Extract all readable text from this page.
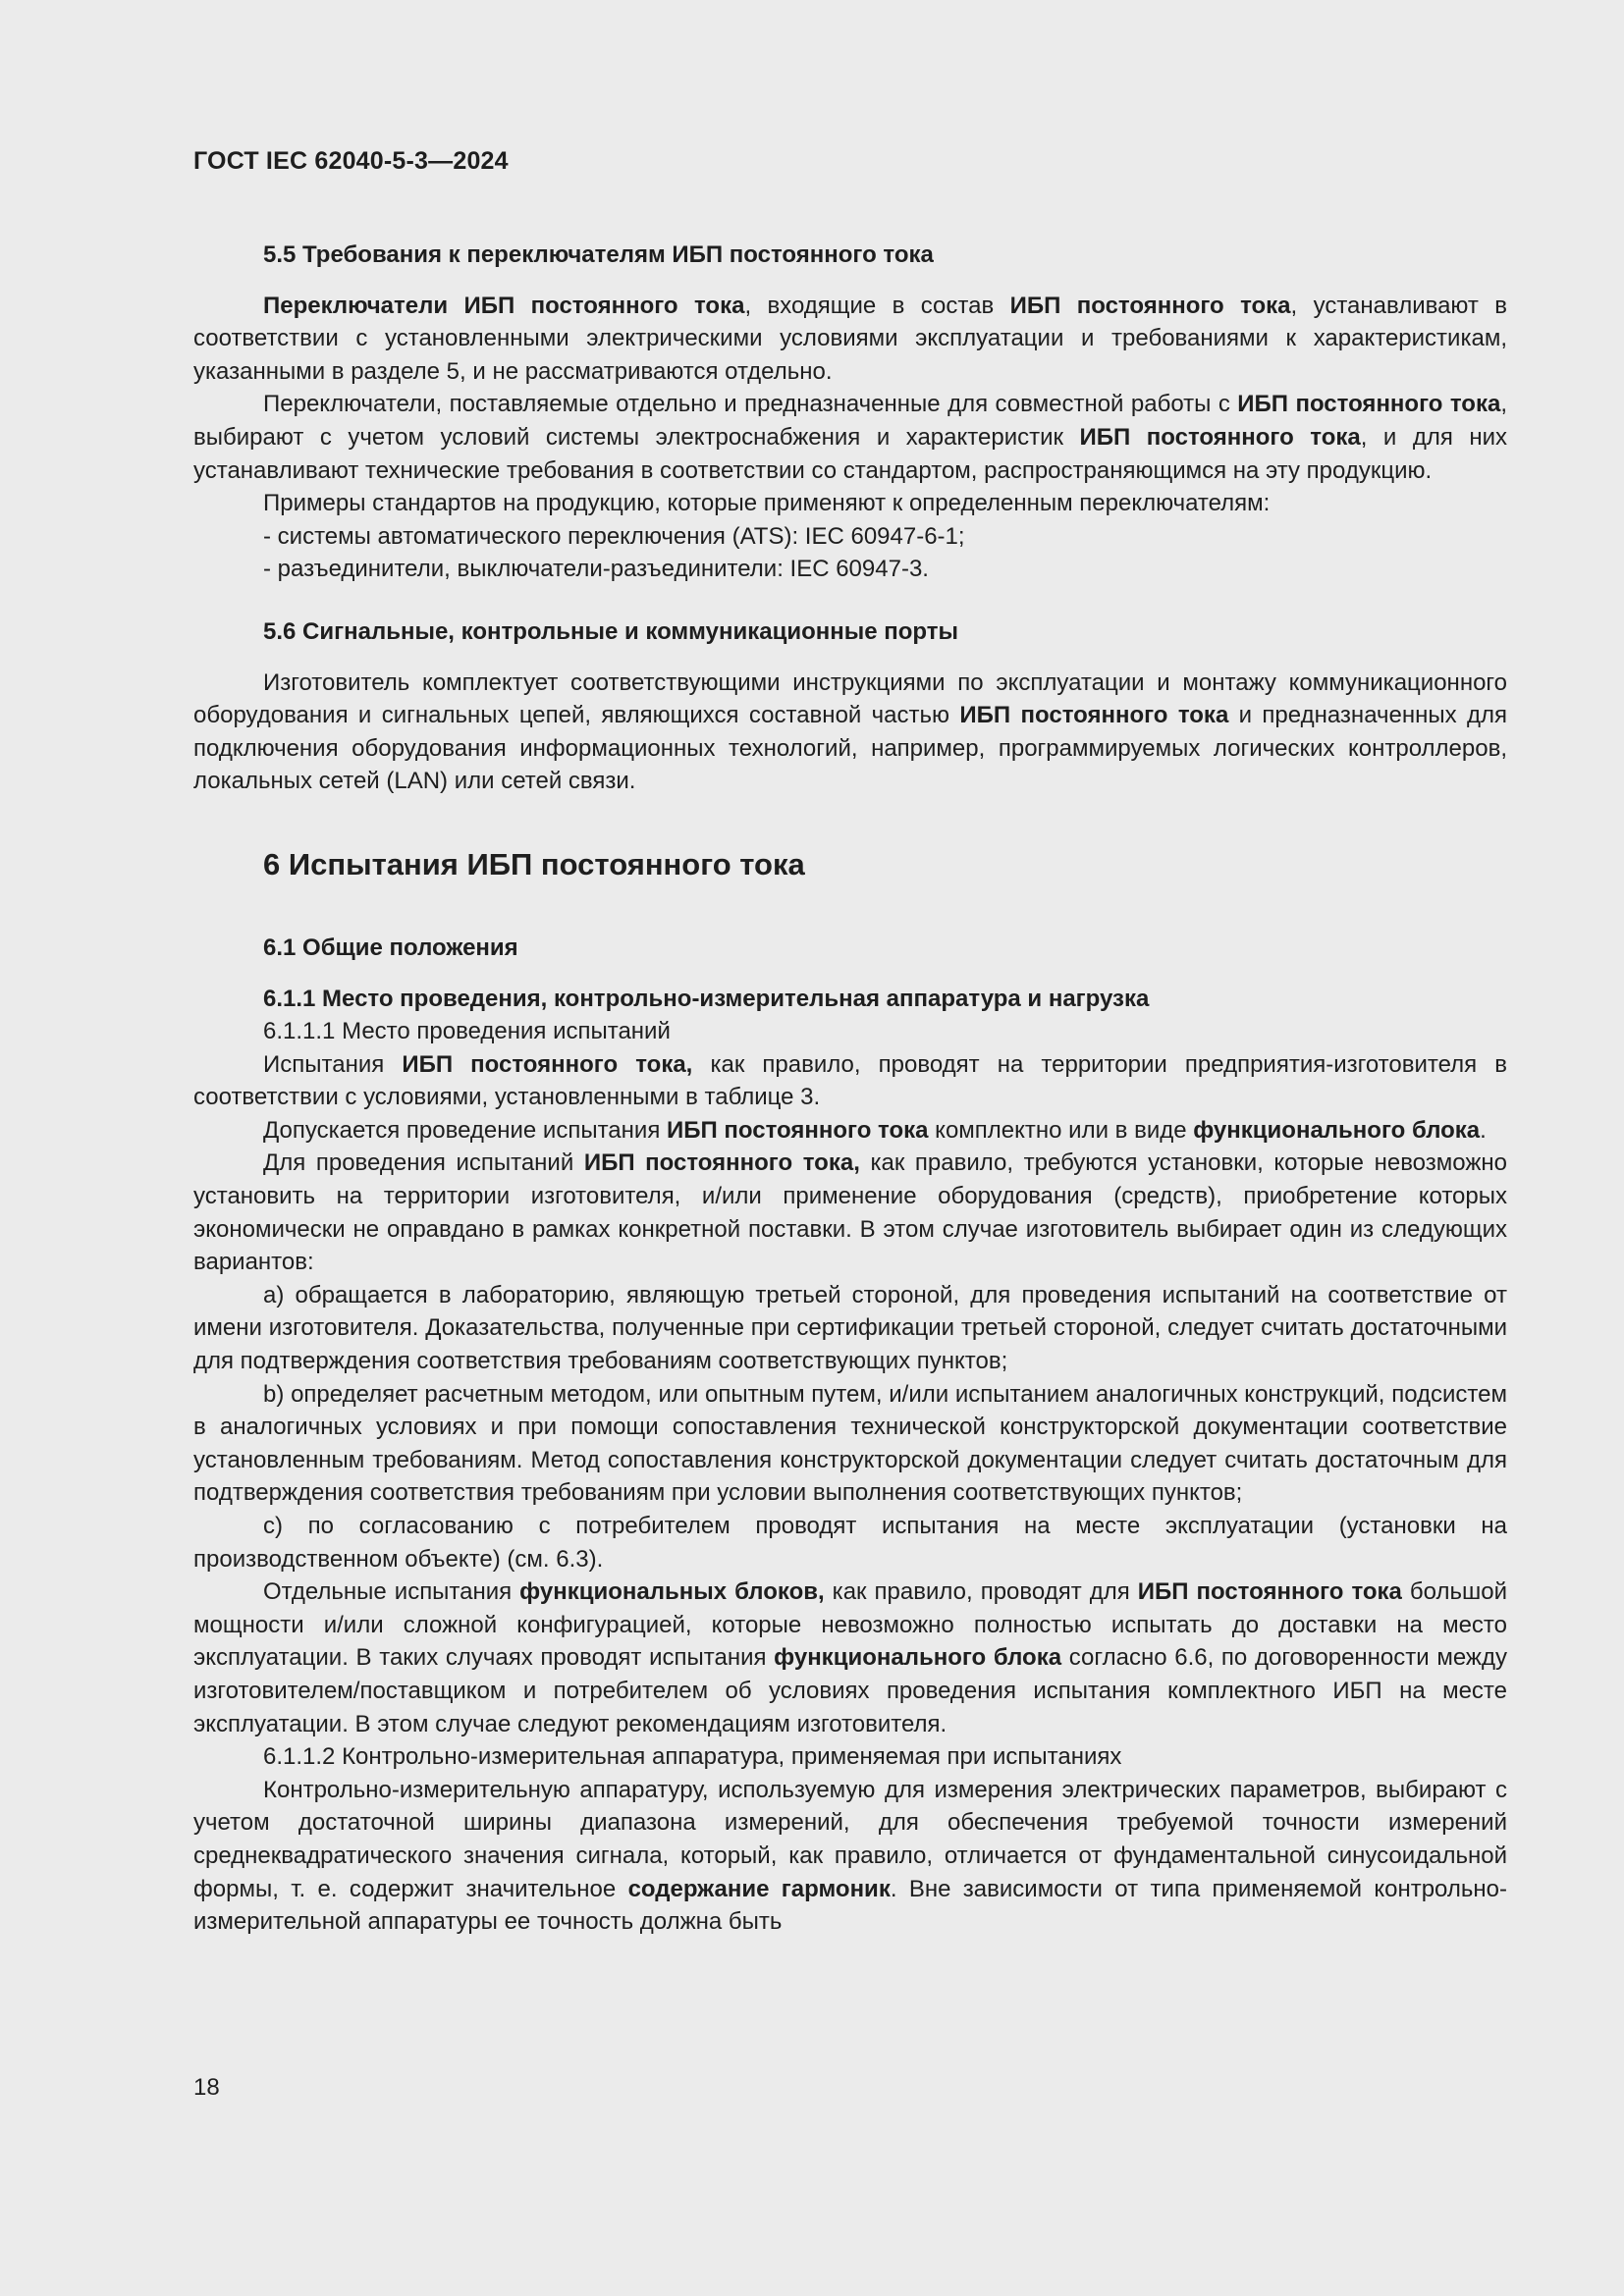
ГОСТ IEC 62040-5-3—2024

5.5 Требования к переключателям ИБП постоянного тока

Переключатели ИБП постоянного тока, входящие в состав ИБП постоянного тока, устанавливают в соответствии с установленными электрическими условиями эксплуатации и требованиями к характеристикам, указанными в разделе 5, и не рассматриваются отдельно.

Переключатели, поставляемые отдельно и предназначенные для совместной работы с ИБП постоянного тока, выбирают с учетом условий системы электроснабжения и характеристик ИБП постоянного тока, и для них устанавливают технические требования в соответствии со стандартом, распространяющимся на эту продукцию.

Примеры стандартов на продукцию, которые применяют к определенным переключателям:

- системы автоматического переключения (ATS): IEC 60947-6-1;

- разъединители, выключатели-разъединители: IEC 60947-3.

5.6 Сигнальные, контрольные и коммуникационные порты

Изготовитель комплектует соответствующими инструкциями по эксплуатации и монтажу коммуникационного оборудования и сигнальных цепей, являющихся составной частью ИБП постоянного тока и предназначенных для подключения оборудования информационных технологий, например, программируемых логических контроллеров, локальных сетей (LAN) или сетей связи.

6 Испытания ИБП постоянного тока

6.1 Общие положения

6.1.1 Место проведения, контрольно-измерительная аппаратура и нагрузка

6.1.1.1 Место проведения испытаний

Испытания ИБП постоянного тока, как правило, проводят на территории предприятия-изготовителя в соответствии с условиями, установленными в таблице 3.

Допускается проведение испытания ИБП постоянного тока комплектно или в виде функционального блока.

Для проведения испытаний ИБП постоянного тока, как правило, требуются установки, которые невозможно установить на территории изготовителя, и/или применение оборудования (средств), приобретение которых экономически не оправдано в рамках конкретной поставки. В этом случае изготовитель выбирает один из следующих вариантов:

а) обращается в лабораторию, являющую третьей стороной, для проведения испытаний на соответствие от имени изготовителя. Доказательства, полученные при сертификации третьей стороной, следует считать достаточными для подтверждения соответствия требованиям соответствующих пунктов;

b) определяет расчетным методом, или опытным путем, и/или испытанием аналогичных конструкций, подсистем в аналогичных условиях и при помощи сопоставления технической конструкторской документации соответствие установленным требованиям. Метод сопоставления конструкторской документации следует считать достаточным для подтверждения соответствия требованиям при условии выполнения соответствующих пунктов;

с) по согласованию с потребителем проводят испытания на месте эксплуатации (установки на производственном объекте) (см. 6.3).

Отдельные испытания функциональных блоков, как правило, проводят для ИБП постоянного тока большой мощности и/или сложной конфигурацией, которые невозможно полностью испытать до доставки на место эксплуатации. В таких случаях проводят испытания функционального блока согласно 6.6, по договоренности между изготовителем/поставщиком и потребителем об условиях проведения испытания комплектного ИБП на месте эксплуатации. В этом случае следуют рекомендациям изготовителя.

6.1.1.2 Контрольно-измерительная аппаратура, применяемая при испытаниях

Контрольно-измерительную аппаратуру, используемую для измерения электрических параметров, выбирают с учетом достаточной ширины диапазона измерений, для обеспечения требуемой точности измерений среднеквадратического значения сигнала, который, как правило, отличается от фундаментальной синусоидальной формы, т. е. содержит значительное содержание гармоник. Вне зависимости от типа применяемой контрольно-измерительной аппаратуры ее точность должна быть

18
